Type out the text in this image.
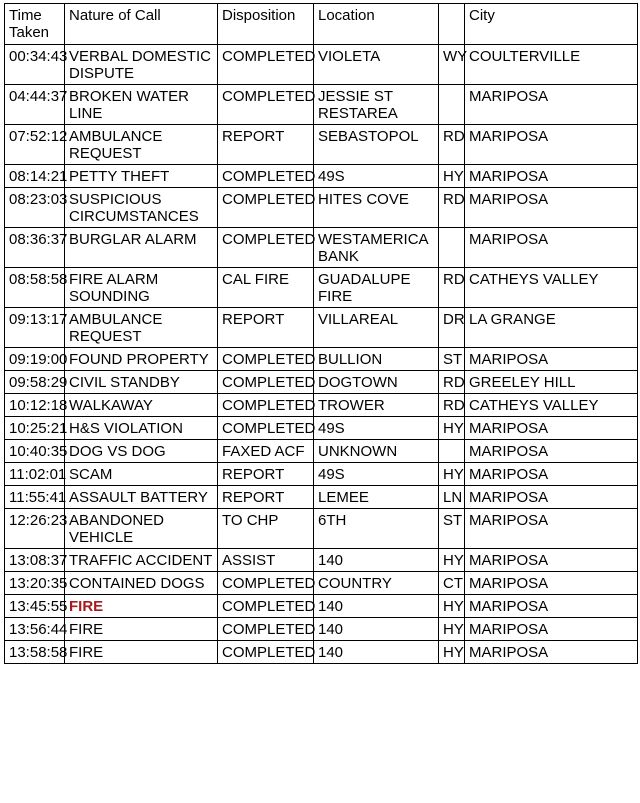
Time Taken	Nature of Call	Disposition	Location		City
00:34:43	VERBAL DOMESTIC DISPUTE	COMPLETED	VIOLETA	WY	COULTERVILLE
04:44:37	BROKEN WATER LINE	COMPLETED	JESSIE ST RESTAREA		MARIPOSA
07:52:12	AMBULANCE REQUEST	REPORT	SEBASTOPOL	RD	MARIPOSA
08:14:21	PETTY THEFT	COMPLETED	49S	HY	MARIPOSA
08:23:03	SUSPICIOUS CIRCUMSTANCES	COMPLETED	HITES COVE	RD	MARIPOSA
08:36:37	BURGLAR ALARM	COMPLETED	WESTAMERICA BANK		MARIPOSA
08:58:58	FIRE ALARM SOUNDING	CAL FIRE	GUADALUPE FIRE	RD	CATHEYS VALLEY
09:13:17	AMBULANCE REQUEST	REPORT	VILLAREAL	DR	LA GRANGE
09:19:00	FOUND PROPERTY	COMPLETED	BULLION	ST	MARIPOSA
09:58:29	CIVIL STANDBY	COMPLETED	DOGTOWN	RD	GREELEY HILL
10:12:18	WALKAWAY	COMPLETED	TROWER	RD	CATHEYS VALLEY
10:25:21	H&S VIOLATION	COMPLETED	49S	HY	MARIPOSA
10:40:35	DOG VS DOG	FAXED ACF	UNKNOWN		MARIPOSA
11:02:01	SCAM	REPORT	49S	HY	MARIPOSA
11:55:41	ASSAULT BATTERY	REPORT	LEMEE	LN	MARIPOSA
12:26:23	ABANDONED VEHICLE	TO CHP	6TH	ST	MARIPOSA
13:08:37	TRAFFIC ACCIDENT	ASSIST	140	HY	MARIPOSA
13:20:35	CONTAINED DOGS	COMPLETED	COUNTRY	CT	MARIPOSA
13:45:55	FIRE	COMPLETED	140	HY	MARIPOSA
13:56:44	FIRE	COMPLETED	140	HY	MARIPOSA
13:58:58	FIRE	COMPLETED	140	HY	MARIPOSA
